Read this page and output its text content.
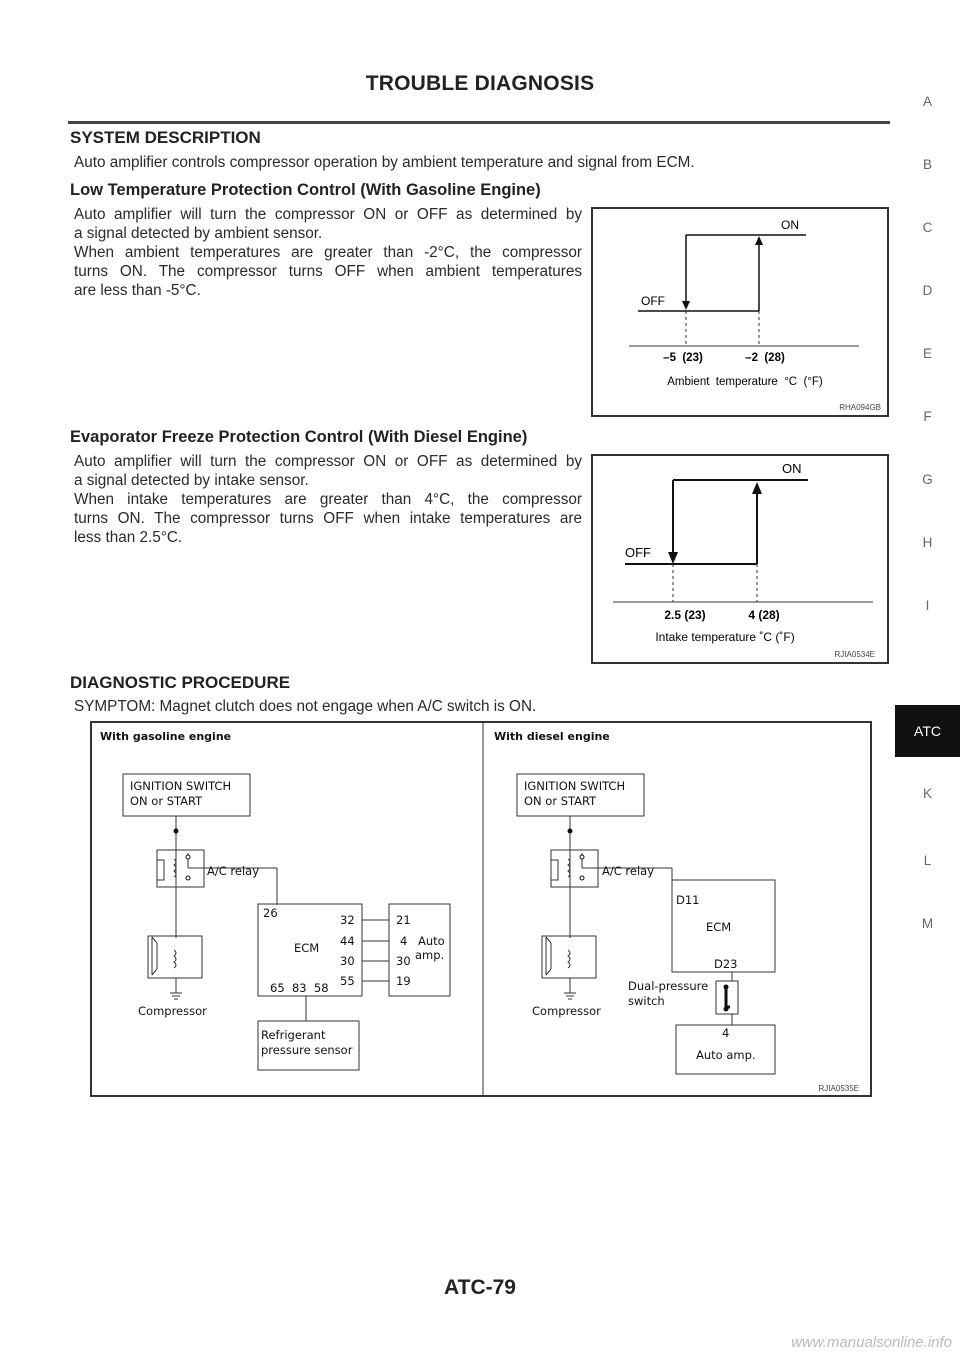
TROUBLE DIAGNOSIS
SYSTEM DESCRIPTION
Auto amplifier controls compressor operation by ambient temperature and signal from ECM.
Low Temperature Protection Control (With Gasoline Engine)
Auto amplifier will turn the compressor ON or OFF as determined by
a signal detected by ambient sensor.
When ambient temperatures are greater than -2°C, the compressor
turns ON. The compressor turns OFF when ambient temperatures
are less than -5°C.
ON
OFF
–5  (23)	–2  (28)
Ambient  temperature  °C  (°F)
RHA094GB
Evaporator Freeze Protection Control (With Diesel Engine)
Auto amplifier will turn the compressor ON or OFF as determined by
a signal detected by intake sensor.
When intake temperatures are greater than 4°C, the compressor
turns ON. The compressor turns OFF when intake temperatures are
less than 2.5°C.
ON
OFF
2.5 (23)	4 (28)
Intake temperature ˚C (˚F)
RJIA0534E
DIAGNOSTIC PROCEDURE
SYMPTOM: Magnet clutch does not engage when A/C switch is ON.
With gasoline engine
IGNITION SWITCH
ON or START
A/C relay
Compressor
26
ECM
32
44
30
55
65  83  58
21
4
30
19
Auto
amp.
Refrigerant
pressure sensor
With diesel engine
IGNITION SWITCH
ON or START
A/C relay
Compressor
D11
ECM
D23
Dual-pressure
switch
4
Auto amp.
RJIA0535E
A
B
C
D
E
F
G
H
I
ATC
K
L
M
ATC-79
www.manualsonline.info
